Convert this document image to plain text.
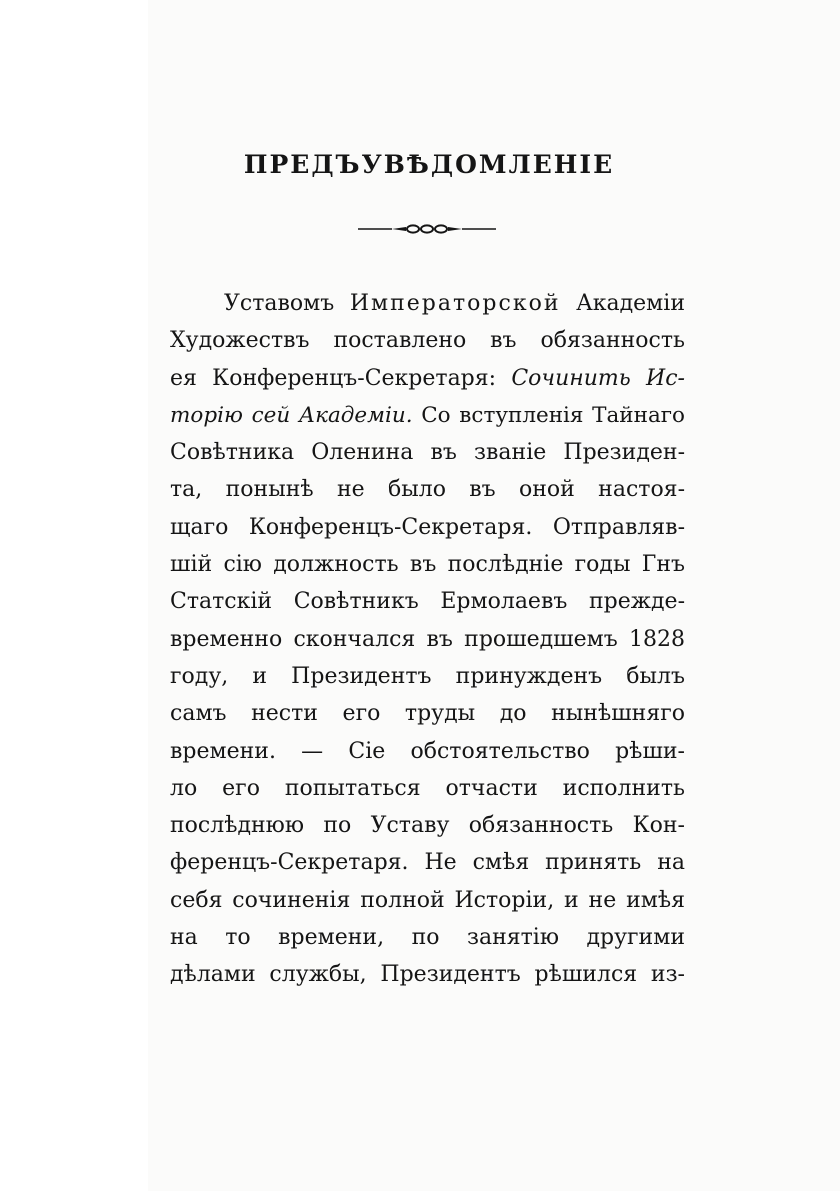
ПРЕДЪУВѢДОМЛЕНІЕ
Уставомъ Императорской Академіи
Художествъ поставлено въ обязанность
ея Конференцъ-Секретаря: Сочинить Ис-
торію сей Академіи. Со вступленія Тайнаго
Совѣтника Оленина въ званіе Президен-
та, понынѣ не было въ оной настоя-
щаго Конференцъ-Секретаря. Отправляв-
шій сію должность въ послѣдніе годы Гнъ
Статскій Совѣтникъ Ермолаевъ прежде-
временно скончался въ прошедшемъ 1828
году, и Президентъ принужденъ былъ
самъ нести его труды до нынѣшняго
времени. — Сіе обстоятельство рѣши-
ло его попытаться отчасти исполнить
послѣднюю по Уставу обязанность Кон-
ференцъ-Секретаря. Не смѣя принять на
себя сочиненія полной Исторіи, и не имѣя
на то времени, по занятію другими
дѣлами службы, Президентъ рѣшился из-
